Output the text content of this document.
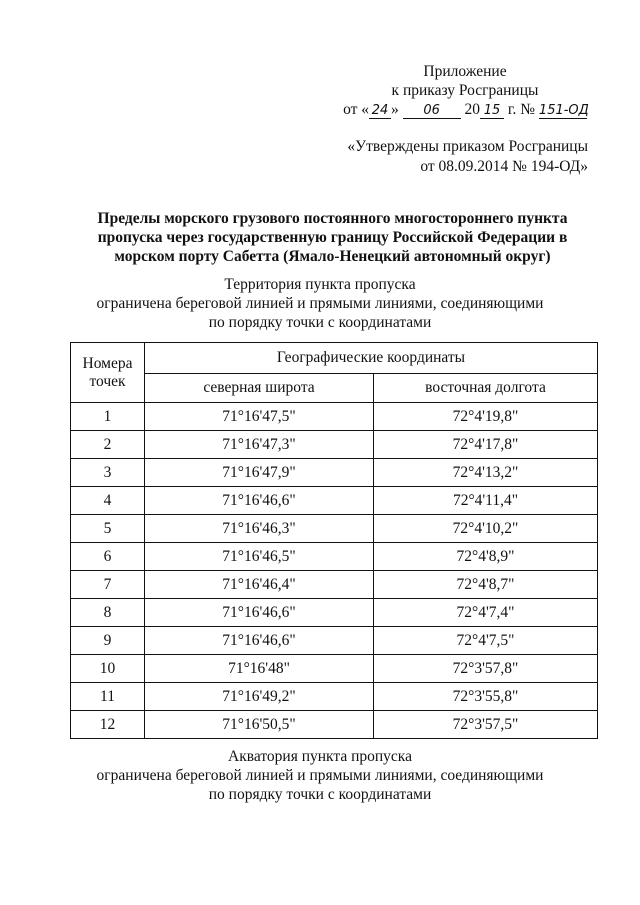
Приложение
к приказу Росграницы
от « 24 » 06 20 15 г. № 151-ОД
«Утверждены приказом Росграницы
от 08.09.2014 № 194-ОД»
Пределы морского грузового постоянного многостороннего пункта пропуска через государственную границу Российской Федерации в морском порту Сабетта (Ямало-Ненецкий автономный округ)
Территория пункта пропуска
ограничена береговой линией и прямыми линиями, соединяющими
по порядку точки с координатами
Номера точек	Географические координаты	
	северная широта	восточная долгота
1	71°16'47,5"	72°4'19,8"
2	71°16'47,3"	72°4'17,8"
3	71°16'47,9"	72°4'13,2"
4	71°16'46,6"	72°4'11,4"
5	71°16'46,3"	72°4'10,2"
6	71°16'46,5"	72°4'8,9"
7	71°16'46,4"	72°4'8,7"
8	71°16'46,6"	72°4'7,4"
9	71°16'46,6"	72°4'7,5"
10	71°16'48"	72°3'57,8"
11	71°16'49,2"	72°3'55,8"
12	71°16'50,5"	72°3'57,5"
Акватория пункта пропуска
ограничена береговой линией и прямыми линиями, соединяющими
по порядку точки с координатами
